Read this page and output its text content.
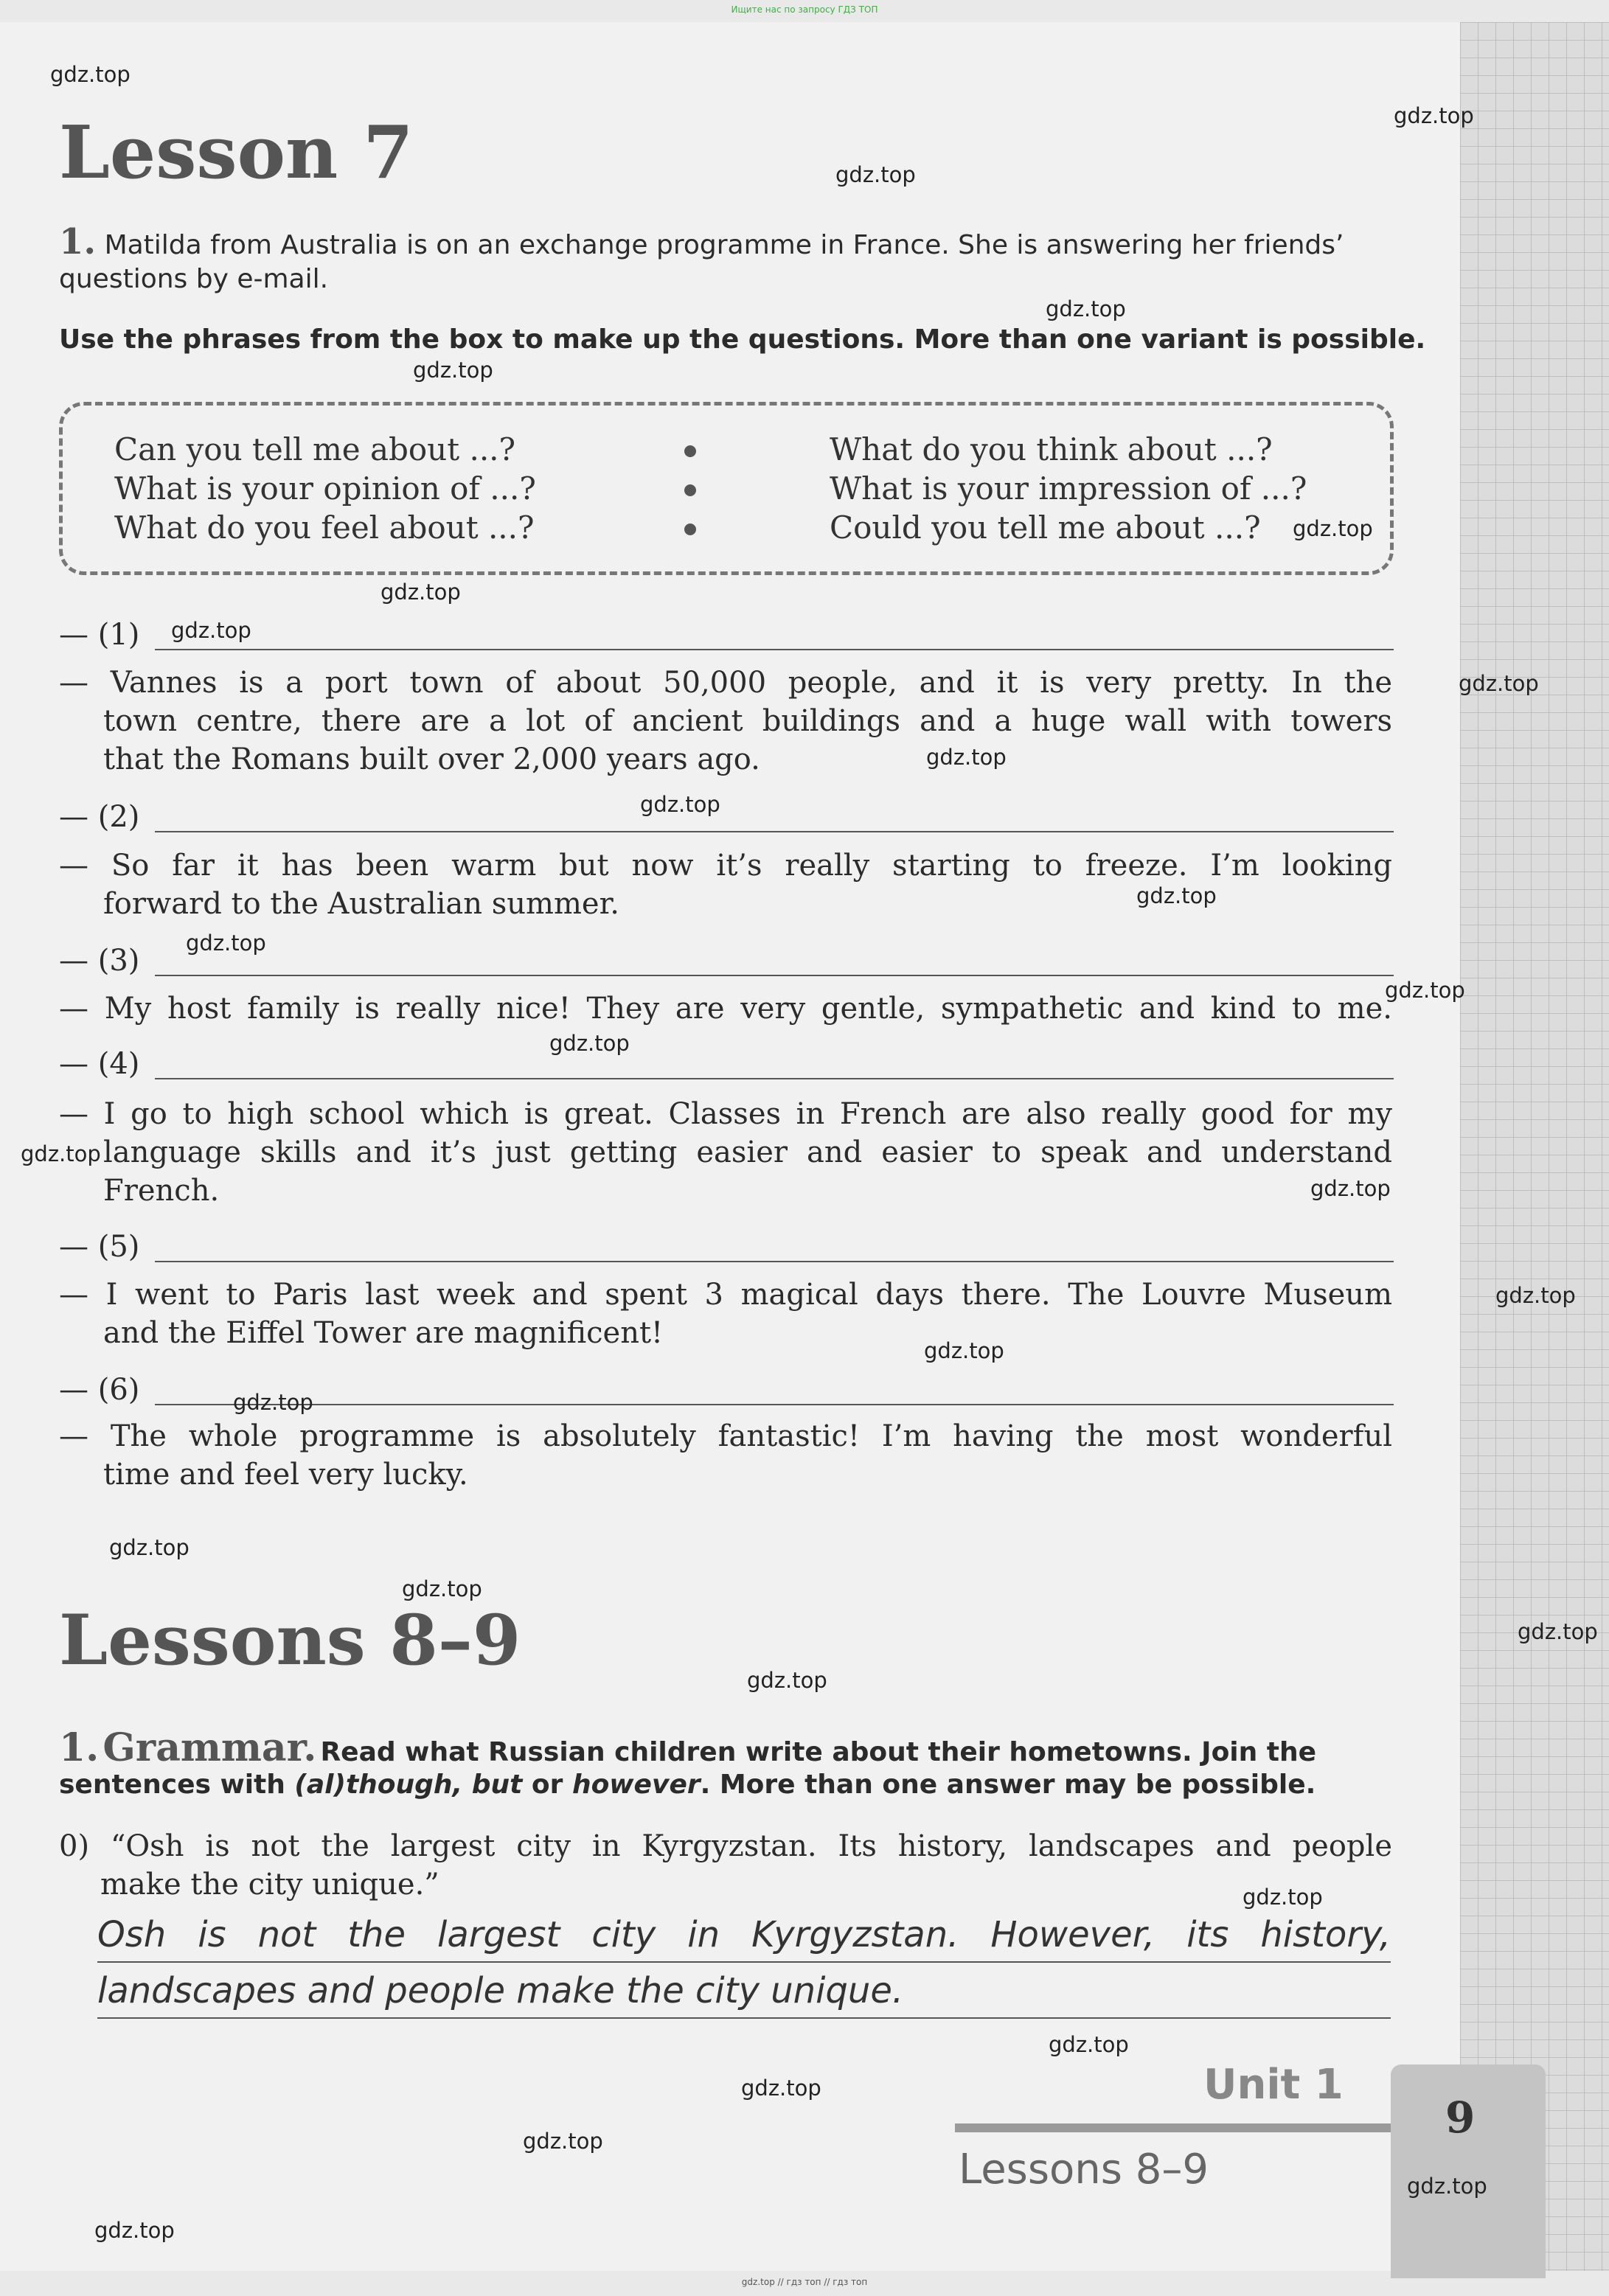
Ищите нас по запросу ГДЗ ТОП
Lesson 7
1. Matilda from Australia is on an exchange programme in France. She is answering her friends’
questions by e-mail.
Use the phrases from the box to make up the questions. More than one variant is possible.
Can you tell me about ...?
What is your opinion of ...?
What do you feel about ...?
What do you think about ...?
What is your impression of ...?
Could you tell me about ...?
— (1)
— Vannes is a port town of about 50,000 people, and it is very pretty. In the
town centre, there are a lot of ancient buildings and a huge wall with towers
that the Romans built over 2,000 years ago.
— (2)
— So far it has been warm but now it’s really starting to freeze. I’m looking
forward to the Australian summer.
— (3)
— My host family is really nice! They are very gentle, sympathetic and kind to me.
— (4)
— I go to high school which is great. Classes in French are also really good for my
language skills and it’s just getting easier and easier to speak and understand
French.
— (5)
— I went to Paris last week and spent 3 magical days there. The Louvre Museum
and the Eiffel Tower are magnificent!
— (6)
— The whole programme is absolutely fantastic! I’m having the most wonderful
time and feel very lucky.
Lessons 8–9
1. Grammar. Read what Russian children write about their hometowns. Join the
sentences with (al)though, but or however. More than one answer may be possible.
0) “Osh is not the largest city in Kyrgyzstan. Its history, landscapes and people
make the city unique.”
Osh is not the largest city in Kyrgyzstan. However, its history,
landscapes and people make the city unique.
Unit 1
Lessons 8–9
9
gdz.top
gdz.top
gdz.top
gdz.top
gdz.top
gdz.top
gdz.top
gdz.top
gdz.top
gdz.top
gdz.top
gdz.top
gdz.top
gdz.top
gdz.top
gdz.top
gdz.top
gdz.top
gdz.top
gdz.top
gdz.top
gdz.top
gdz.top
gdz.top
gdz.top
gdz.top
gdz.top
gdz.top
gdz.top
gdz.top
gdz.top // гдз топ // гдз топ
